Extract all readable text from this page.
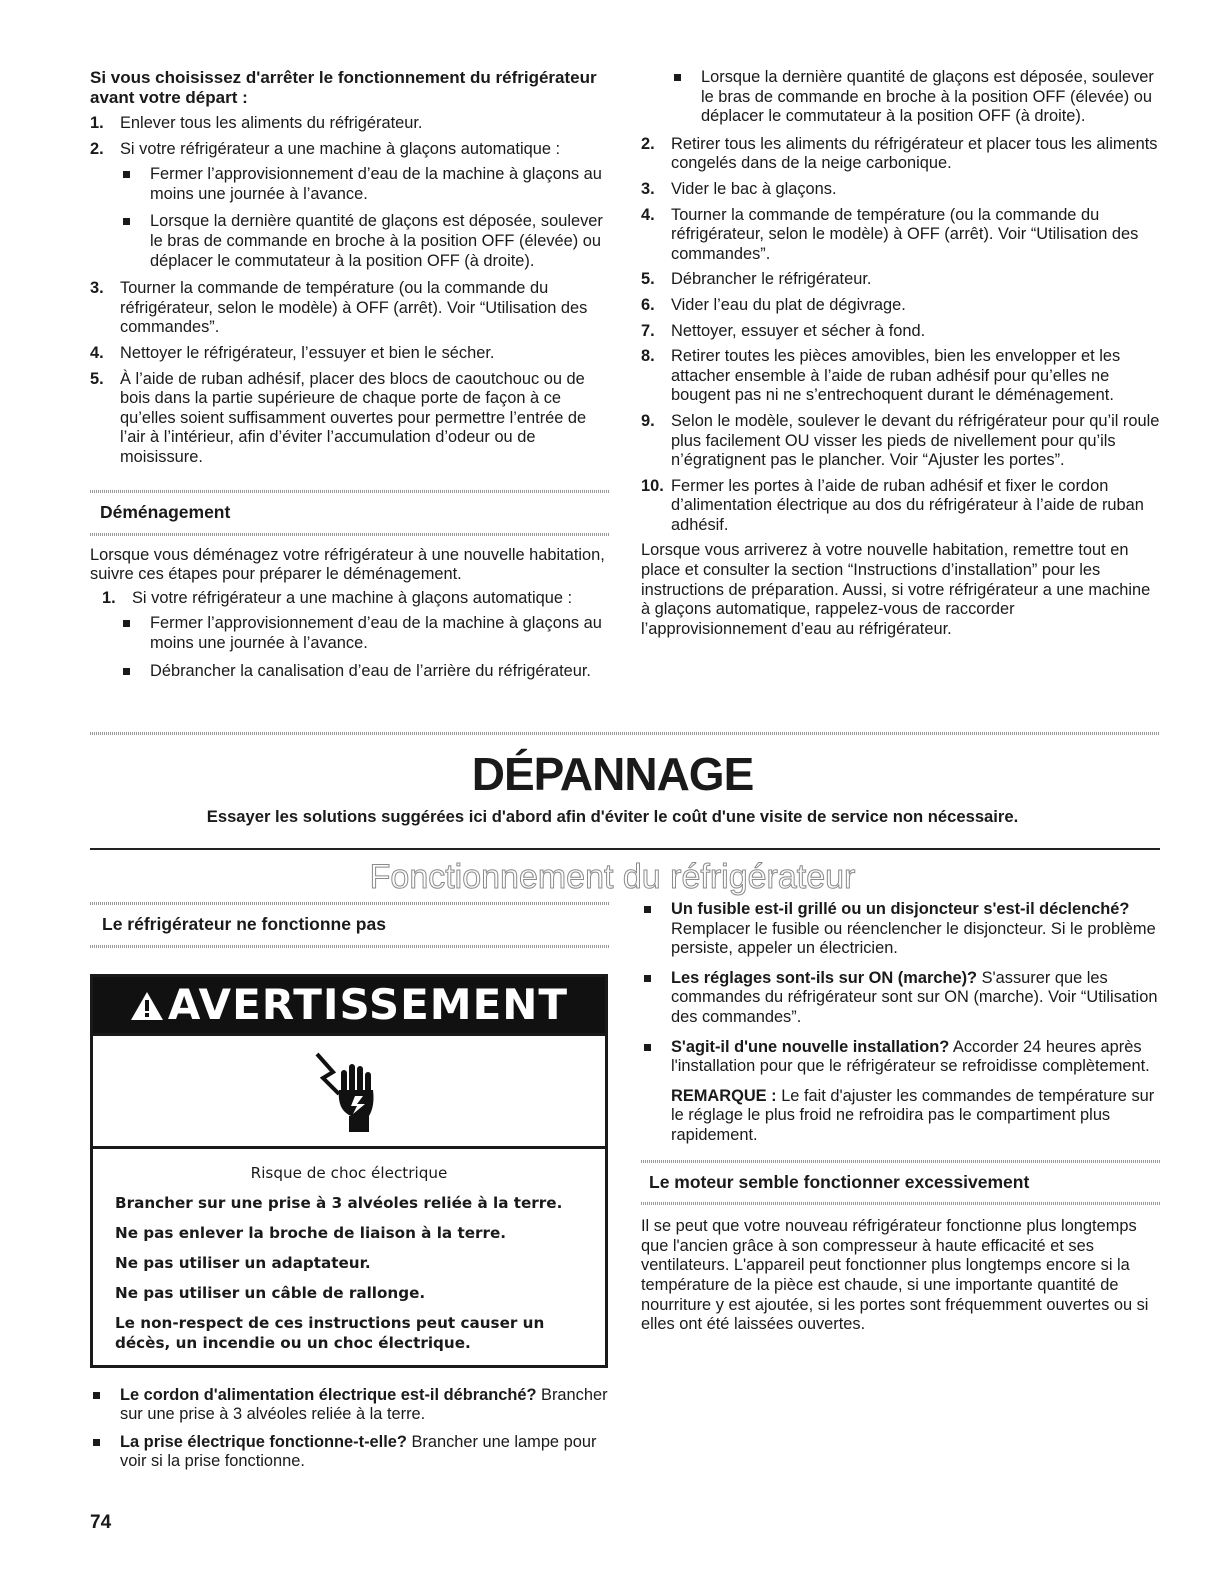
Si vous choisissez d'arrêter le fonctionnement du réfrigérateur avant votre départ :

1. Enlever tous les aliments du réfrigérateur.
2. Si votre réfrigérateur a une machine à glaçons automatique :
Fermer l’approvisionnement d’eau de la machine à glaçons au moins une journée à l’avance.
Lorsque la dernière quantité de glaçons est déposée, soulever le bras de commande en broche à la position OFF (élevée) ou déplacer le commutateur à la position OFF (à droite).
3. Tourner la commande de température (ou la commande du réfrigérateur, selon le modèle) à OFF (arrêt). Voir “Utilisation des commandes”.
4. Nettoyer le réfrigérateur, l’essuyer et bien le sécher.
5. À l’aide de ruban adhésif, placer des blocs de caoutchouc ou de bois dans la partie supérieure de chaque porte de façon à ce qu’elles soient suffisamment ouvertes pour permettre l’entrée de l’air à l’intérieur, afin d’éviter l’accumulation d’odeur ou de moisissure.
Déménagement

Lorsque vous déménagez votre réfrigérateur à une nouvelle habitation, suivre ces étapes pour préparer le déménagement.

1. Si votre réfrigérateur a une machine à glaçons automatique :
Fermer l’approvisionnement d’eau de la machine à glaçons au moins une journée à l’avance.
Débrancher la canalisation d’eau de l’arrière du réfrigérateur.
Lorsque la dernière quantité de glaçons est déposée, soulever le bras de commande en broche à la position OFF (élevée) ou déplacer le commutateur à la position OFF (à droite).
2. Retirer tous les aliments du réfrigérateur et placer tous les aliments congelés dans de la neige carbonique.
3. Vider le bac à glaçons.
4. Tourner la commande de température (ou la commande du réfrigérateur, selon le modèle) à OFF (arrêt). Voir “Utilisation des commandes”.
5. Débrancher le réfrigérateur.
6. Vider l’eau du plat de dégivrage.
7. Nettoyer, essuyer et sécher à fond.
8. Retirer toutes les pièces amovibles, bien les envelopper et les attacher ensemble à l’aide de ruban adhésif pour qu’elles ne bougent pas ni ne s’entrechoquent durant le déménagement.
9. Selon le modèle, soulever le devant du réfrigérateur pour qu’il roule plus facilement OU visser les pieds de nivellement pour qu’ils n’égratignent pas le plancher. Voir “Ajuster les portes”.
10. Fermer les portes à l’aide de ruban adhésif et fixer le cordon d’alimentation électrique au dos du réfrigérateur à l’aide de ruban adhésif.

Lorsque vous arriverez à votre nouvelle habitation, remettre tout en place et consulter la section “Instructions d’installation” pour les instructions de préparation. Aussi, si votre réfrigérateur a une machine à glaçons automatique, rappelez-vous de raccorder l’approvisionnement d’eau au réfrigérateur.

DÉPANNAGE
Essayer les solutions suggérées ici d'abord afin d'éviter le coût d'une visite de service non nécessaire.
Fonctionnement du réfrigérateur
Le réfrigérateur ne fonctionne pas
AVERTISSEMENT

Risque de choc électrique

Brancher sur une prise à 3 alvéoles reliée à la terre.

Ne pas enlever la broche de liaison à la terre.

Ne pas utiliser un adaptateur.

Ne pas utiliser un câble de rallonge.

Le non-respect de ces instructions peut causer un décès, un incendie ou un choc électrique.

Le cordon d'alimentation électrique est-il débranché? Brancher sur une prise à 3 alvéoles reliée à la terre.
La prise électrique fonctionne-t-elle? Brancher une lampe pour voir si la prise fonctionne.
Un fusible est-il grillé ou un disjoncteur s'est-il déclenché? Remplacer le fusible ou réenclencher le disjoncteur. Si le problème persiste, appeler un électricien.
Les réglages sont-ils sur ON (marche)? S'assurer que les commandes du réfrigérateur sont sur ON (marche). Voir “Utilisation des commandes”.
S'agit-il d'une nouvelle installation? Accorder 24 heures après l'installation pour que le réfrigérateur se refroidisse complètement.

REMARQUE : Le fait d'ajuster les commandes de température sur le réglage le plus froid ne refroidira pas le compartiment plus rapidement.

Le moteur semble fonctionner excessivement

Il se peut que votre nouveau réfrigérateur fonctionne plus longtemps que l'ancien grâce à son compresseur à haute efficacité et ses ventilateurs. L'appareil peut fonctionner plus longtemps encore si la température de la pièce est chaude, si une importante quantité de nourriture y est ajoutée, si les portes sont fréquemment ouvertes ou si elles ont été laissées ouvertes.

74
